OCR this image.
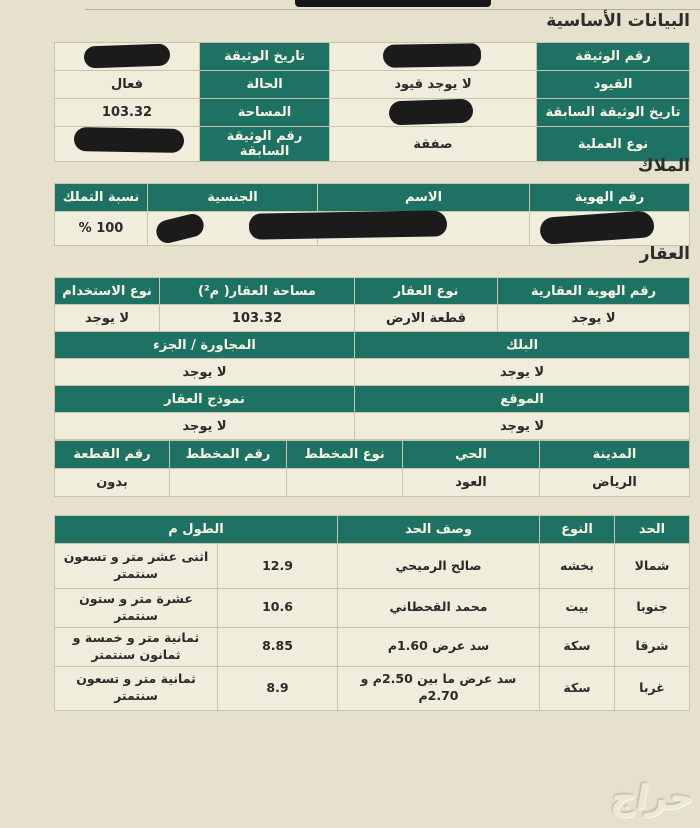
البيانات الأساسية
رقم الوثيقة		تاريخ الوثيقة	
القيود	لا يوجد قيود	الحالة	فعال
تاريخ الوثيقة السابقة		المساحة	103.32
نوع العملية	صفقة	رقم الوثيقة السابقة	
الملاك
رقم الهوية	الاسم	الجنسية	نسبة التملك
			100 %
العقار
رقم الهوية العقارية	نوع العقار	مساحة العقار( م²)	نوع الاستخدام
لا يوجد	قطعة الارض	103.32	لا يوجد
البلك		المجاورة / الجزء	
لا يوجد		لا يوجد	
الموقع		نموذج العقار	
لا يوجد		لا يوجد	
المدينة	الحي	نوع المخطط	رقم المخطط	رقم القطعة
الرياض	العود			بدون
الحد	النوع	وصف الحد	الطول م	
شمالا	بخشه	صالح الرميحي	12.9	اثنى عشر متر و تسعون سنتمتر
جنوبا	بيت	محمد القحطاني	10.6	عشرة متر و ستون سنتمتر
شرقا	سكة	سد عرض 1.60م	8.85	ثمانية متر و خمسة و ثمانون سنتمتر
غربا	سكة	سد عرض ما بين 2.50م و 2.70م	8.9	ثمانية متر و تسعون سنتمتر
حراج
